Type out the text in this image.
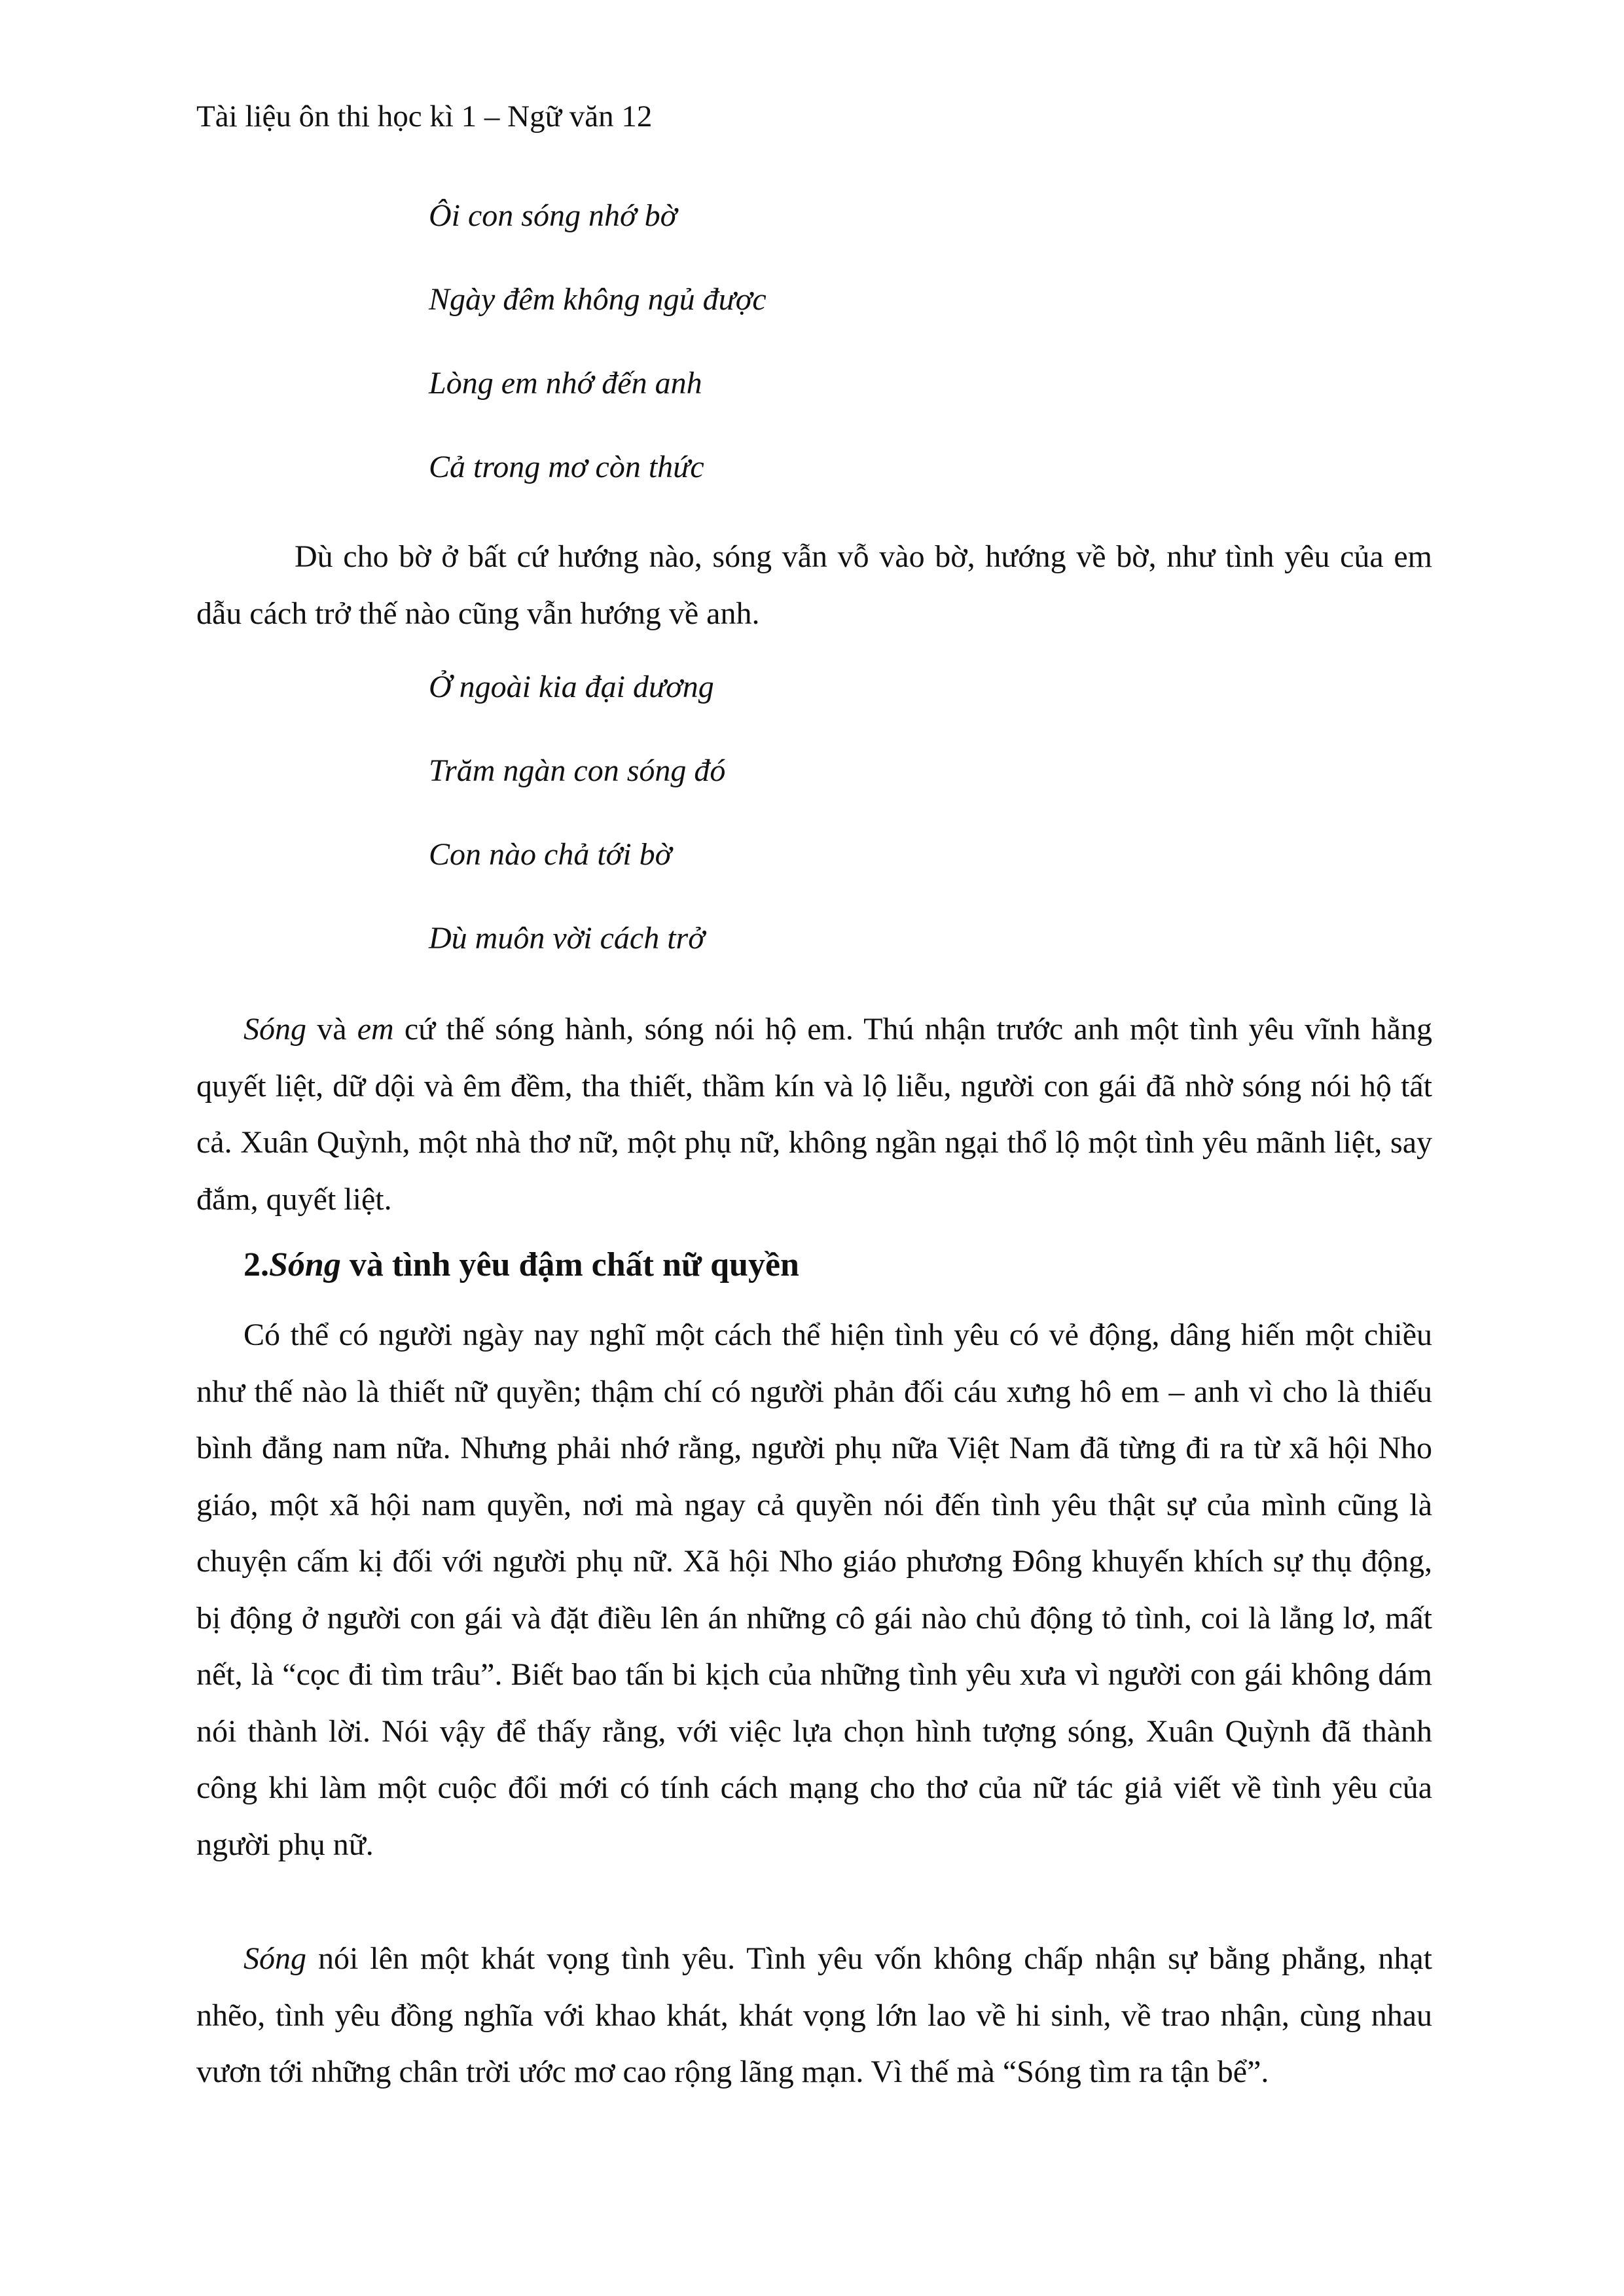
Tài liệu ôn thi học kì 1 – Ngữ văn 12
Ôi con sóng nhớ bờ
Ngày đêm không ngủ được
Lòng em nhớ đến anh
Cả trong mơ còn thức
Dù cho bờ ở bất cứ hướng nào, sóng vẫn vỗ vào bờ, hướng về bờ, như tình yêu của em dẫu cách trở thế nào cũng vẫn hướng về anh.
Ở ngoài kia đại dương
Trăm ngàn con sóng đó
Con nào chả tới bờ
Dù muôn vời cách trở
Sóng và em cứ thế sóng hành, sóng nói hộ em. Thú nhận trước anh một tình yêu vĩnh hằng quyết liệt, dữ dội và êm đềm, tha thiết, thầm kín và lộ liễu, người con gái đã nhờ sóng nói hộ tất cả. Xuân Quỳnh, một nhà thơ nữ, một phụ nữ, không ngần ngại thổ lộ một tình yêu mãnh liệt, say đắm, quyết liệt.
2.Sóng và tình yêu đậm chất nữ quyền
Có thể có người ngày nay nghĩ một cách thể hiện tình yêu có vẻ động, dâng hiến một chiều như thế nào là thiết nữ quyền; thậm chí có người phản đối cáu xưng hô em – anh vì cho là thiếu bình đẳng nam nữa. Nhưng phải nhớ rằng, người phụ nữa Việt Nam đã từng đi ra từ xã hội Nho giáo, một xã hội nam quyền, nơi mà ngay cả quyền nói đến tình yêu thật sự của mình cũng là chuyện cấm kị đối với người phụ nữ. Xã hội Nho giáo phương Đông khuyến khích sự thụ động, bị động ở người con gái và đặt điều lên án những cô gái nào chủ động tỏ tình, coi là lẳng lơ, mất nết, là “cọc đi tìm trâu”. Biết bao tấn bi kịch của những tình yêu xưa vì người con gái không dám nói thành lời. Nói vậy để thấy rằng, với việc lựa chọn hình tượng sóng, Xuân Quỳnh đã thành công khi làm một cuộc đổi mới có tính cách mạng cho thơ của nữ tác giả viết về tình yêu của người phụ nữ.
Sóng nói lên một khát vọng tình yêu. Tình yêu vốn không chấp nhận sự bằng phẳng, nhạt nhẽo, tình yêu đồng nghĩa với khao khát, khát vọng lớn lao về hi sinh, về trao nhận, cùng nhau vươn tới những chân trời ước mơ cao rộng lãng mạn. Vì thế mà “Sóng tìm ra tận bể”.
